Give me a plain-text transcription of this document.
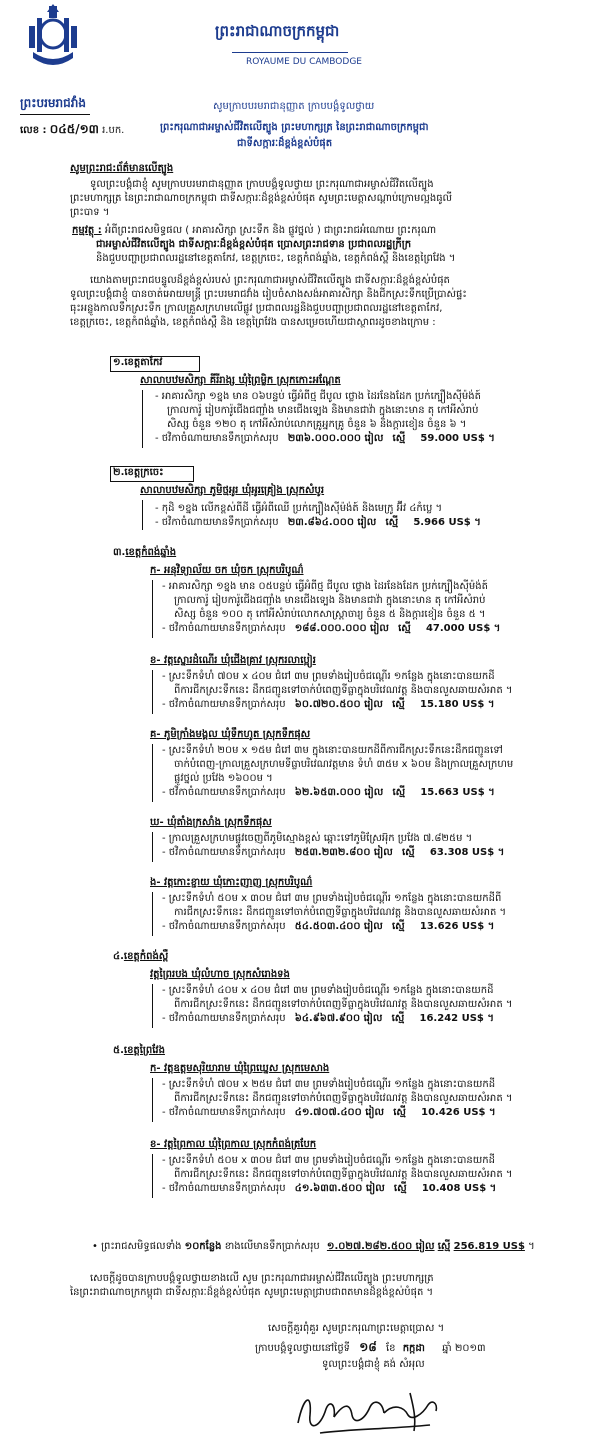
ព្រះរាជាណាចក្រកម្ពុជា
ROYAUME DU CAMBODGE
ព្រះបរមរាជវាំង	សូមក្រាបបរមរាជានុញ្ញាត ក្រាបបង្គំទូលថ្វាយ
លេខ : ០៤៥/១៣ រ.បក.	ព្រះករុណាជាអម្ចាស់ជីវិតលើត្បូង ព្រះមហាក្សត្រ នៃព្រះរាជាណាចក្រកម្ពុជា
ជាទីសក្ការៈដ៏ខ្ពង់ខ្ពស់បំផុត
សូមព្រះរាជ:ព័ត៌មានលើត្បូង
ទូលព្រះបង្គំជាខ្ញុំ សូមក្រាបបរមរាជានុញ្ញាត ក្រាបបង្គំទូលថ្វាយ ព្រះករុណាជាអម្ចាស់ជីវិតលើត្បូង
ព្រះមហាក្សត្រ នៃព្រះរាជាណាចក្រកម្ពុជា ជាទីសក្ការៈដ៏ខ្ពង់ខ្ពស់បំផុត សូមព្រះមេត្តាសណ្ដាប់ក្រោមល្អងធូលី
ព្រះបាទ ។
កម្មវត្ថុ : អំពីព្រះរាជសមិទ្ធផល ( អាគារសិក្សា ស្រះទឹក និង ផ្លូវថ្នល់ ) ជាព្រះរាជអំណោយ ព្រះករុណា
ជាអម្ចាស់ជីវិតលើត្បូង ជាទីសក្ការៈដ៏ខ្ពង់ខ្ពស់បំផុត ប្រោសព្រះរាជទាន ប្រជាពលរដ្ឋក្រីក្រ
និងជួបបញ្ហាប្រជាពលរដ្ឋនៅខេត្តតាកែវ, ខេត្តក្រចេះ, ខេត្តកំពង់ឆ្នាំង, ខេត្តកំពង់ស្ពឺ និងខេត្តព្រៃវែង ។
យោងតាមព្រះរាជបន្ទូលដ៏ខ្ពង់ខ្ពស់របស់ ព្រះករុណាជាអម្ចាស់ជីវិតលើត្បូង ជាទីសក្ការៈដ៏ខ្ពង់ខ្ពស់បំផុត
ទូលព្រះបង្គំជាខ្ញុំ បានចាត់អោយមន្ត្រី ព្រះបរមរាជវាំង រៀបចំសាងសង់អាគារសិក្សា និងជីកស្រះទឹកប្រើប្រាស់ផ្ទះ
ធុះអន្លូងកាលទឹកស្រះទឹក ក្រាលគ្រួសក្រហមលើផ្លូវ ប្រជាពលរដ្ឋនិងជួបបញ្ហាប្រជាពលរដ្ឋនៅខេត្តតាកែវ,
ខេត្តក្រចេះ, ខេត្តកំពង់ឆ្នាំង, ខេត្តកំពង់ស្ពឺ និង ខេត្តព្រៃវែង បានសម្រេចហើយជាស្ថាពរដូចខាងក្រោម :
១.ខេត្តតាកែវ
សាលាបឋមសិក្សា គីរីរាង្ស ឃុំព្រៃម្លិក ស្រុកកោះអណ្ដែត
- អាគារសិក្សា ១ខ្នង មាន ០៦បន្ទប់ ធ្វើអំពីថ្ម ជីបូល ថ្លោង ដៃរនែងដែក ប្រក់ក្បឿងស៊ីម៉ង់ត៍
ក្រាលការ៉ូ រៀបការ៉ូជើងជញ្ជាំង មានជើងទ្បេង និងមានជាវ៉ា ក្នុងនោះមាន តុ កៅអីសំរាប់
សិស្ស ចំនួន ១២០ តុ កៅអីសំរាប់លោកគ្រូអ្នកគ្រូ ចំនួន ៦ និងក្ដារខៀន ចំនួន ៦ ។
- ថវិកាចំណាយមានទឹកប្រាក់សរុប ២៣៦.០០០.០០០ រៀល ស្មើ 59.000 US$ ។
២.ខេត្តក្រចេះ
សាលាបឋមសិក្សា ភូមិថ្មអូរ ឃុំអូរគ្រៀង ស្រុកសំបូរ
- កុដិ ១ខ្នង លើកខ្ពស់ពីដី ធ្វើអំពីឈើ ប្រក់ក្បឿងស៊ីម៉ង់ត៍ និងមេក្រូ អ៊ីវ ៤កំប្លេ ។
- ថវិកាចំណាយមានទឹកប្រាក់សរុប ២៣.៨៦៤.០០០ រៀល ស្មើ 5.966 US$ ។
៣.ខេត្តកំពង់ឆ្នាំង
ក- អនុវិទ្យាល័យ ចក ឃុំចក ស្រុកបរិបូណ៌
- អាគារសិក្សា ១ខ្នង មាន ០៥បន្ទប់ ធ្វើអំពីថ្ម ជីបូល ថ្លោង ដៃរនែងដែក ប្រក់ក្បឿងស៊ីម៉ង់ត៍
ក្រាលការ៉ូ រៀបការ៉ូជើងជញ្ជាំង មានជើងទ្បេង និងមានជាវ៉ា ក្នុងនោះមាន តុ កៅអីសំរាប់
សិស្ស ចំនួន ១០០ តុ កៅអីសំរាប់លោកសាស្ត្រាចារ្យ ចំនួន ៥ និងក្ដារខៀន ចំនួន ៥ ។
- ថវិកាចំណាយមានទឹកប្រាក់សរុប ១៨៨.០០០.០០០ រៀល ស្មើ 47.000 US$ ។
ខ- វត្តស្នោរដំណើរ ឃុំជើងគ្រាវ ស្រុករលាប្អៀរ
- ស្រះទឹកទំហំ ៧០ម x ៤០ម ជំរៅ ៣ម ព្រមទាំងរៀបចំជណ្ដើរ ១កន្លែង ក្នុងនោះបានយកដី
ពីការជីកស្រះទឹកនេះ ដឹកជញ្ជូនទៅចាក់បំពេញទីធ្លាក្នុងបរិវេណវត្ត និងបានលួសឆាយសំអាត ។
- ថវិកាចំណាយមានទឹកប្រាក់សរុប ៦០.៧២០.៥០០ រៀល ស្មើ 15.180 US$ ។
គ- ភូមិក្រាំងមង្គល ឃុំទឹកហូត ស្រុកទឹកផុស
- ស្រះទឹកទំហំ ២០ម x ១៥ម ជំរៅ ៣ម ក្នុងនោះបានយកដីពីការជីកស្រះទឹកនេះដឹកជញ្ជូនទៅ
ចាក់បំពេញ-ក្រាលគ្រួសក្រហមទីធ្លាបរិវេណវត្តមាន ទំហំ ៣៥ម x ៦០ម និងក្រាលគ្រួសក្រហម
ផ្លូវថ្នល់ ប្រវែង ១៦០០ម ។
- ថវិកាចំណាយមានទឹកប្រាក់សរុប ៦២.៦៥៣.០០០ រៀល ស្មើ 15.663 US$ ។
ឃ- ឃុំតាំងក្រសាំង ស្រុកទឹកផុស
- ក្រាលគ្រួសក្រហមផ្លូវចេញពីភូមិស្មោងខ្ពស់ ឆ្ពោះទៅភូមិស្រែអ៊ុក ប្រវែង ៧.៨២៥ម ។
- ថវិកាចំណាយមានទឹកប្រាក់សរុប ២៥៣.២៣២.៨០០ រៀល ស្មើ 63.308 US$ ។
ង- វត្តកោះខ្ជាយ ឃុំកោះញាញ ស្រុកបរិបូណ៌
- ស្រះទឹកទំហំ ៥០ម x ៣០ម ជំរៅ ៣ម ព្រមទាំងរៀបចំជណ្ដើរ ១កន្លែង ក្នុងនោះបានយកដីពី
ការជីកស្រះទឹកនេះ ដឹកជញ្ជូនទៅចាក់បំពេញទីធ្លាក្នុងបរិវេណវត្ត និងបានលួសឆាយសំអាត ។
- ថវិកាចំណាយមានទឹកប្រាក់សរុប ៥៤.៥០៣.៤០០ រៀល ស្មើ 13.626 US$ ។
៤.ខេត្តកំពង់ស្ពឺ
វត្តព្រៃរបង ឃុំលំហាច ស្រុកសំរោងទង
- ស្រះទឹកទំហំ ៤០ម x ៤០ម ជំរៅ ៣ម ព្រមទាំងរៀបចំជណ្ដើរ ១កន្លែង ក្នុងនោះបានយកដី
ពីការជីកស្រះទឹកនេះ ដឹកជញ្ជូនទៅចាក់បំពេញទីធ្លាក្នុងបរិវេណវត្ត និងបានលួសឆាយសំអាត ។
- ថវិកាចំណាយមានទឹកប្រាក់សរុប ៦៤.៩៦៧.៩០០ រៀល ស្មើ 16.242 US$ ។
៥.ខេត្តព្រៃវែង
ក- វត្តឧត្តមសុរិយារាម ឃុំព្រៃឃ្នេស ស្រុកមេសាង
- ស្រះទឹកទំហំ ៧០ម x ២៥ម ជំរៅ ៣ម ព្រមទាំងរៀបចំជណ្ដើរ ១កន្លែង ក្នុងនោះបានយកដី
ពីការជីកស្រះទឹកនេះ ដឹកជញ្ជូនទៅចាក់បំពេញទីធ្លាក្នុងបរិវេណវត្ត និងបានលួសឆាយសំអាត ។
- ថវិកាចំណាយមានទឹកប្រាក់សរុប ៤១.៧០៧.៤០០ រៀល ស្មើ 10.426 US$ ។
ខ- វត្តព្រៃកាល ឃុំព្រៃកាល ស្រុកកំពង់ត្របែក
- ស្រះទឹកទំហំ ៥០ម x ៣០ម ជំរៅ ៣ម ព្រមទាំងរៀបចំជណ្ដើរ ១កន្លែង ក្នុងនោះបានយកដី
ពីការជីកស្រះទឹកនេះ ដឹកជញ្ជូនទៅចាក់បំពេញទីធ្លាក្នុងបរិវេណវត្ត និងបានលួសឆាយសំអាត ។
- ថវិកាចំណាយមានទឹកប្រាក់សរុប ៤១.៦៣៣.៥០០ រៀល ស្មើ 10.408 US$ ។
• ព្រះរាជសមិទ្ធផលទាំង ១០កន្លែង ខាងលើមានទឹកប្រាក់សរុប ១.០២៧.២៨២.៥០០ រៀល ស្មើ 256.819 US$ ។
សេចក្ដីដូចបានក្រាបបង្គំទូលថ្វាយខាងលើ សូម ព្រះករុណាជាអម្ចាស់ជីវិតលើត្បូង ព្រះមហាក្សត្រ
នៃព្រះរាជាណាចក្រកម្ពុជា ជាទីសក្ការៈដ៏ខ្ពង់ខ្ពស់បំផុត សូមព្រះមេត្តាជ្រាបជាពតមានដ៏ខ្ពង់ខ្ពស់បំផុត ។
សេចក្ដីគួរពុំគួរ សូមព្រះករុណាព្រះមេត្តាប្រោស ។
ក្រាបបង្គំទូលថ្វាយនៅថ្ងៃទី ១៨ ខែ កក្កដា ឆ្នាំ ២០១៣
ទូលព្រះបង្គំជាខ្ញុំ គង់ សំអុល
